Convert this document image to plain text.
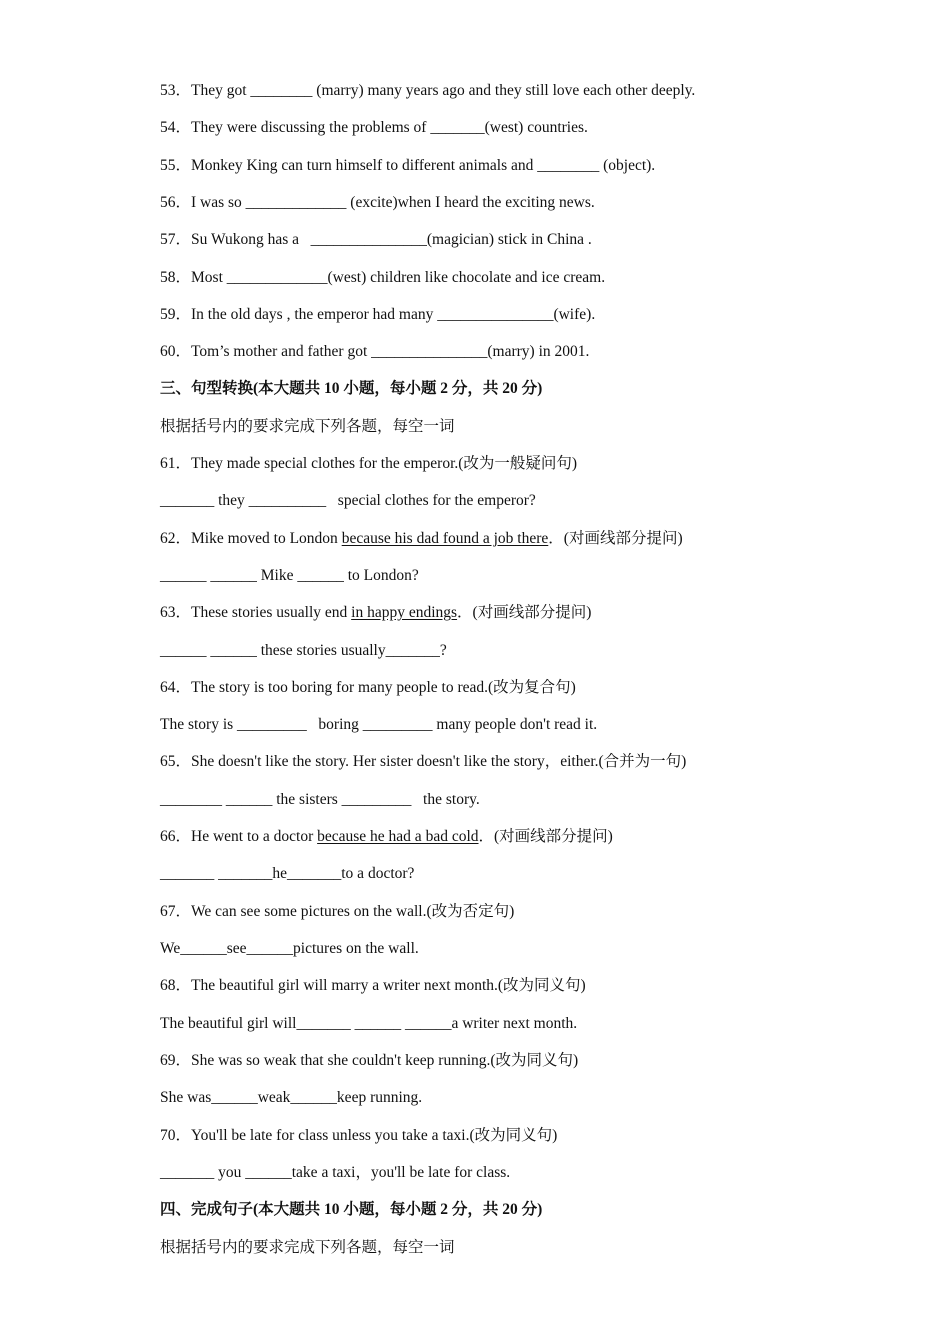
53．They got ________ (marry) many years ago and they still love each other deeply.
54．They were discussing the problems of _______(west) countries.
55．Monkey King can turn himself to different animals and ________ (object).
56．I was so _____________ (excite)when I heard the exciting news.
57．Su Wukong has a   _______________(magician) stick in China .
58．Most _____________(west) children like chocolate and ice cream.
59．In the old days , the emperor had many _______________(wife).
60．Tom’s mother and father got _______________(marry) in 2001.
三、句型转换(本大题共 10 小题，每小题 2 分，共 20 分)
根据括号内的要求完成下列各题，每空一词
61．They made special clothes for the emperor.(改为一般疑问句)
_______ they __________   special clothes for the emperor?
62．Mike moved to London because his dad found a job there．(对画线部分提问)
______ ______ Mike ______ to London?
63．These stories usually end in happy endings．(对画线部分提问)
______ ______ these stories usually_______?
64．The story is too boring for many people to read.(改为复合句)
The story is _________   boring _________ many people don't read it.
65．She doesn't like the story. Her sister doesn't like the story，either.(合并为一句)
________ ______ the sisters _________   the story.
66．He went to a doctor because he had a bad cold．(对画线部分提问)
_______ _______he_______to a doctor?
67．We can see some pictures on the wall.(改为否定句)
We______see______pictures on the wall.
68．The beautiful girl will marry a writer next month.(改为同义句)
The beautiful girl will_______ ______ ______a writer next month.
69．She was so weak that she couldn't keep running.(改为同义句)
She was______weak______keep running.
70．You'll be late for class unless you take a taxi.(改为同义句)
_______ you ______take a taxi，you'll be late for class.
四、完成句子(本大题共 10 小题，每小题 2 分，共 20 分)
根据括号内的要求完成下列各题，每空一词
